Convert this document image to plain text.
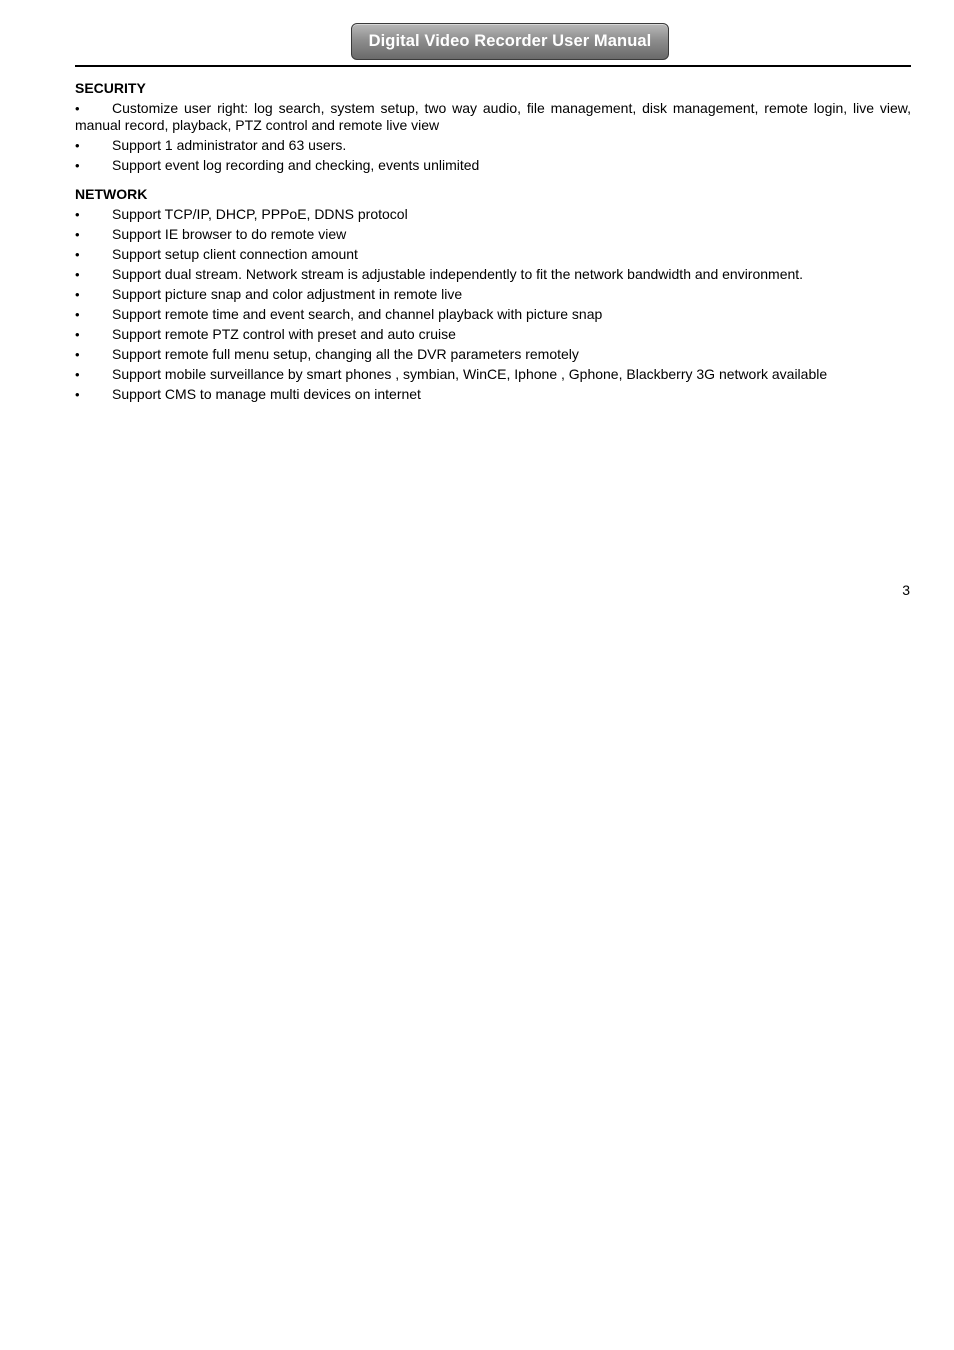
Digital Video Recorder User Manual
SECURITY
• Customize user right: log search, system setup, two way audio, file management, disk management, remote login, live view, manual record, playback, PTZ control and remote live view
• Support 1 administrator and 63 users.
• Support event log recording and checking, events unlimited
NETWORK
• Support TCP/IP, DHCP, PPPoE, DDNS protocol
• Support IE browser to do remote view
• Support setup client connection amount
• Support dual stream. Network stream is adjustable independently to fit the network bandwidth and environment.
• Support picture snap and color adjustment in remote live
• Support remote time and event search, and channel playback with picture snap
• Support remote PTZ control with preset and auto cruise
• Support remote full menu setup, changing all the DVR parameters remotely
• Support mobile surveillance by smart phones , symbian, WinCE, Iphone , Gphone, Blackberry 3G network available
• Support CMS to manage multi devices on internet
3
